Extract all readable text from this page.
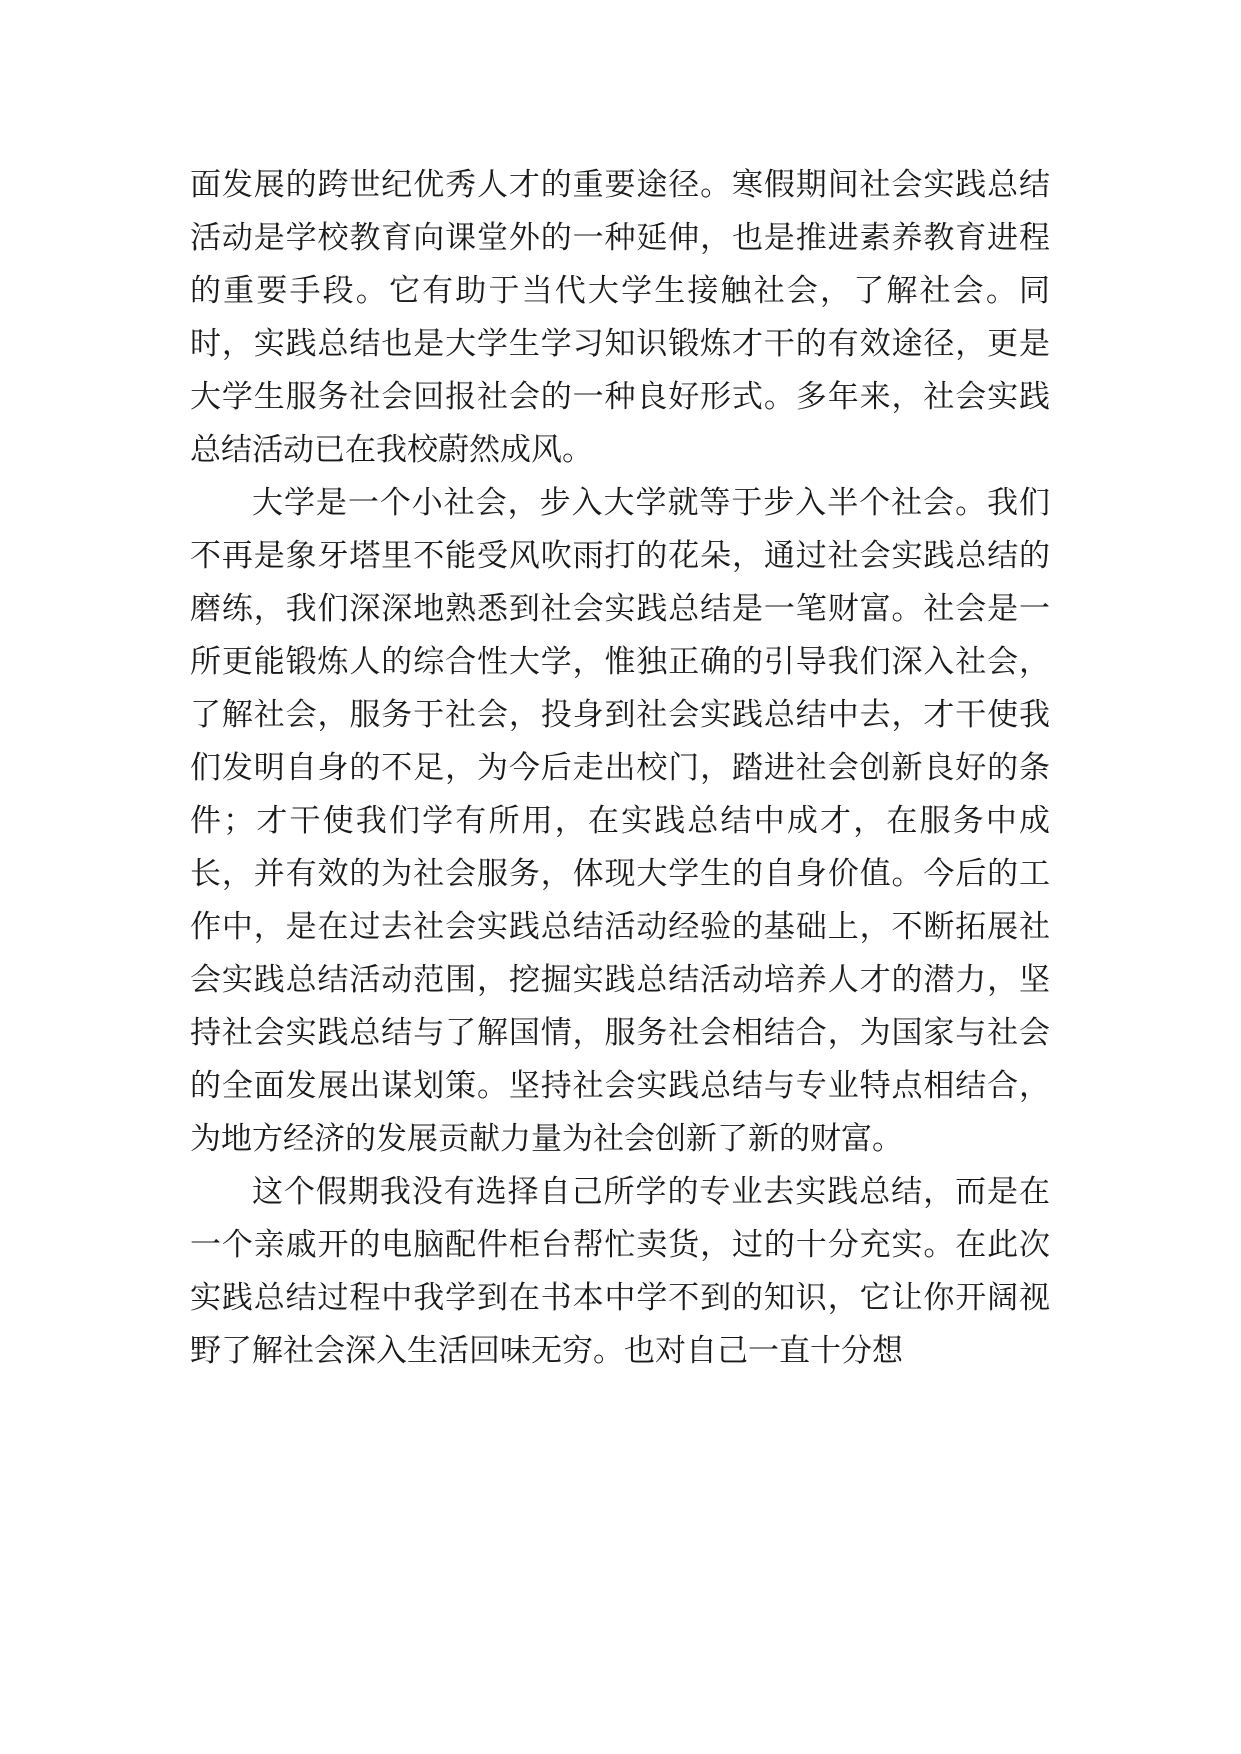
面发展的跨世纪优秀人才的重要途径。寒假期间社会实践总结活动是学校教育向课堂外的一种延伸，也是推进素养教育进程的重要手段。它有助于当代大学生接触社会，了解社会。同时，实践总结也是大学生学习知识锻炼才干的有效途径，更是大学生服务社会回报社会的一种良好形式。多年来，社会实践总结活动已在我校蔚然成风。

大学是一个小社会，步入大学就等于步入半个社会。我们不再是象牙塔里不能受风吹雨打的花朵，通过社会实践总结的磨练，我们深深地熟悉到社会实践总结是一笔财富。社会是一所更能锻炼人的综合性大学，惟独正确的引导我们深入社会，了解社会，服务于社会，投身到社会实践总结中去，才干使我们发明自身的不足，为今后走出校门，踏进社会创新良好的条件；才干使我们学有所用，在实践总结中成才，在服务中成长，并有效的为社会服务，体现大学生的自身价值。今后的工作中，是在过去社会实践总结活动经验的基础上，不断拓展社会实践总结活动范围，挖掘实践总结活动培养人才的潜力，坚持社会实践总结与了解国情，服务社会相结合，为国家与社会的全面发展出谋划策。坚持社会实践总结与专业特点相结合，为地方经济的发展贡献力量为社会创新了新的财富。

这个假期我没有选择自己所学的专业去实践总结，而是在一个亲戚开的电脑配件柜台帮忙卖货，过的十分充实。在此次实践总结过程中我学到在书本中学不到的知识，它让你开阔视野了解社会深入生活回味无穷。也对自己一直十分想
